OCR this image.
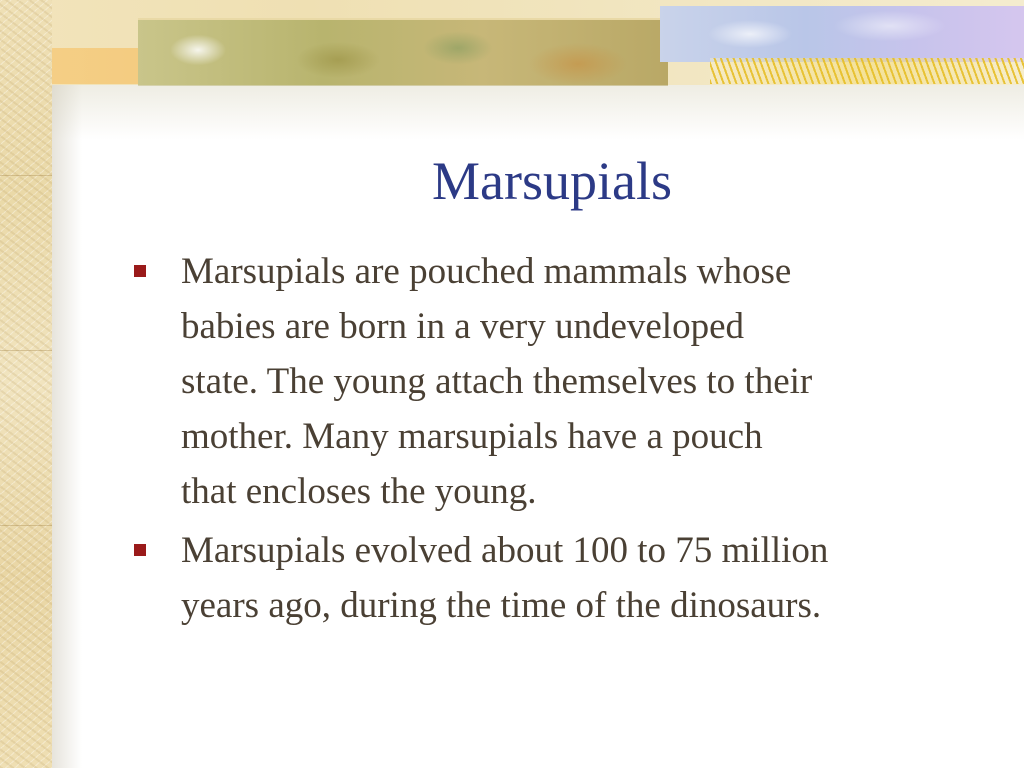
Marsupials
Marsupials are pouched mammals whose
babies are born in a very undeveloped
state. The young attach themselves to their
mother. Many marsupials have a pouch
that encloses the young.
Marsupials evolved about 100 to 75 million
years ago, during the time of the dinosaurs.
